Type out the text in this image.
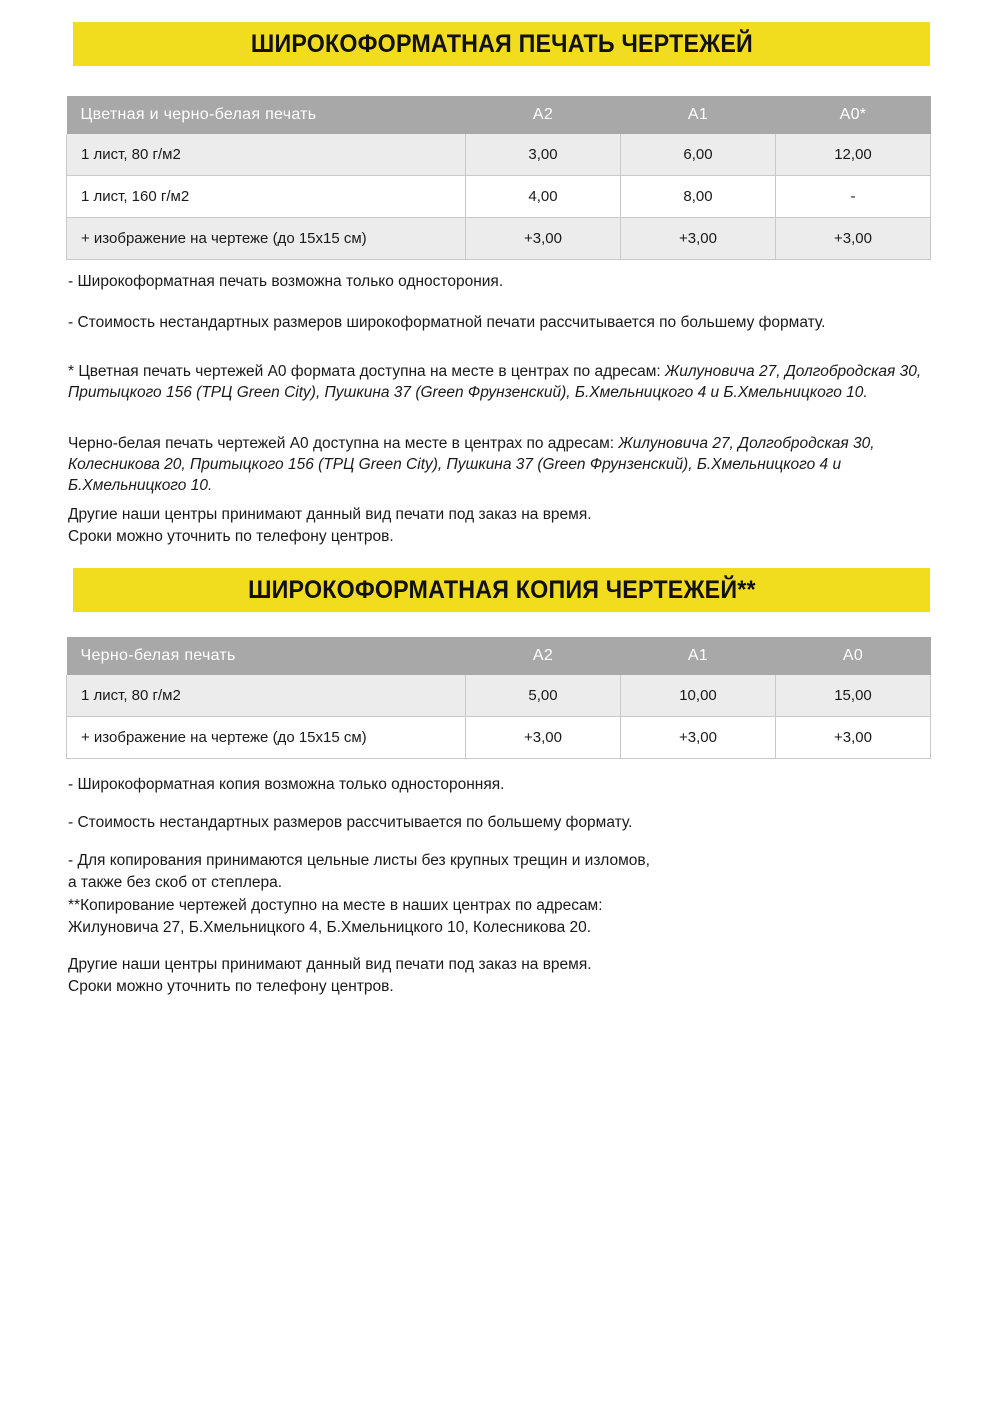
ШИРОКОФОРМАТНАЯ ПЕЧАТЬ ЧЕРТЕЖЕЙ
Цветная и черно-белая печать	A2	A1	A0*
1 лист, 80 г/м2	3,00	6,00	12,00
1 лист, 160 г/м2	4,00	8,00	-
+ изображение на чертеже (до 15х15 см)	+3,00	+3,00	+3,00
- Широкоформатная печать возможна только односторония.
- Стоимость нестандартных размеров широкоформатной печати рассчитывается по большему формату.
* Цветная печать чертежей A0 формата доступна на месте в центрах по адресам: Жилуновича 27, Долгобродская 30, Притыцкого 156 (ТРЦ Green City), Пушкина 37 (Green Фрунзенский), Б.Хмельницкого 4 и Б.Хмельницкого 10.
Черно-белая печать чертежей A0 доступна на месте в центрах по адресам: Жилуновича 27, Долгобродская 30, Колесникова 20, Притыцкого 156 (ТРЦ Green City), Пушкина 37 (Green Фрунзенский), Б.Хмельницкого 4 и Б.Хмельницкого 10.
Другие наши центры принимают данный вид печати под заказ на время.
Сроки можно уточнить по телефону центров.
ШИРОКОФОРМАТНАЯ КОПИЯ ЧЕРТЕЖЕЙ**
Черно-белая печать	A2	A1	A0
1 лист, 80 г/м2	5,00	10,00	15,00
+ изображение на чертеже (до 15х15 см)	+3,00	+3,00	+3,00
- Широкоформатная копия возможна только односторонняя.
- Стоимость нестандартных размеров рассчитывается по большему формату.
- Для копирования принимаются цельные листы без крупных трещин и изломов,
а также без скоб от степлера.
**Копирование чертежей доступно на месте в наших центрах по адресам:
Жилуновича 27, Б.Хмельницкого 4, Б.Хмельницкого 10, Колесникова 20.
Другие наши центры принимают данный вид печати под заказ на время.
Сроки можно уточнить по телефону центров.
